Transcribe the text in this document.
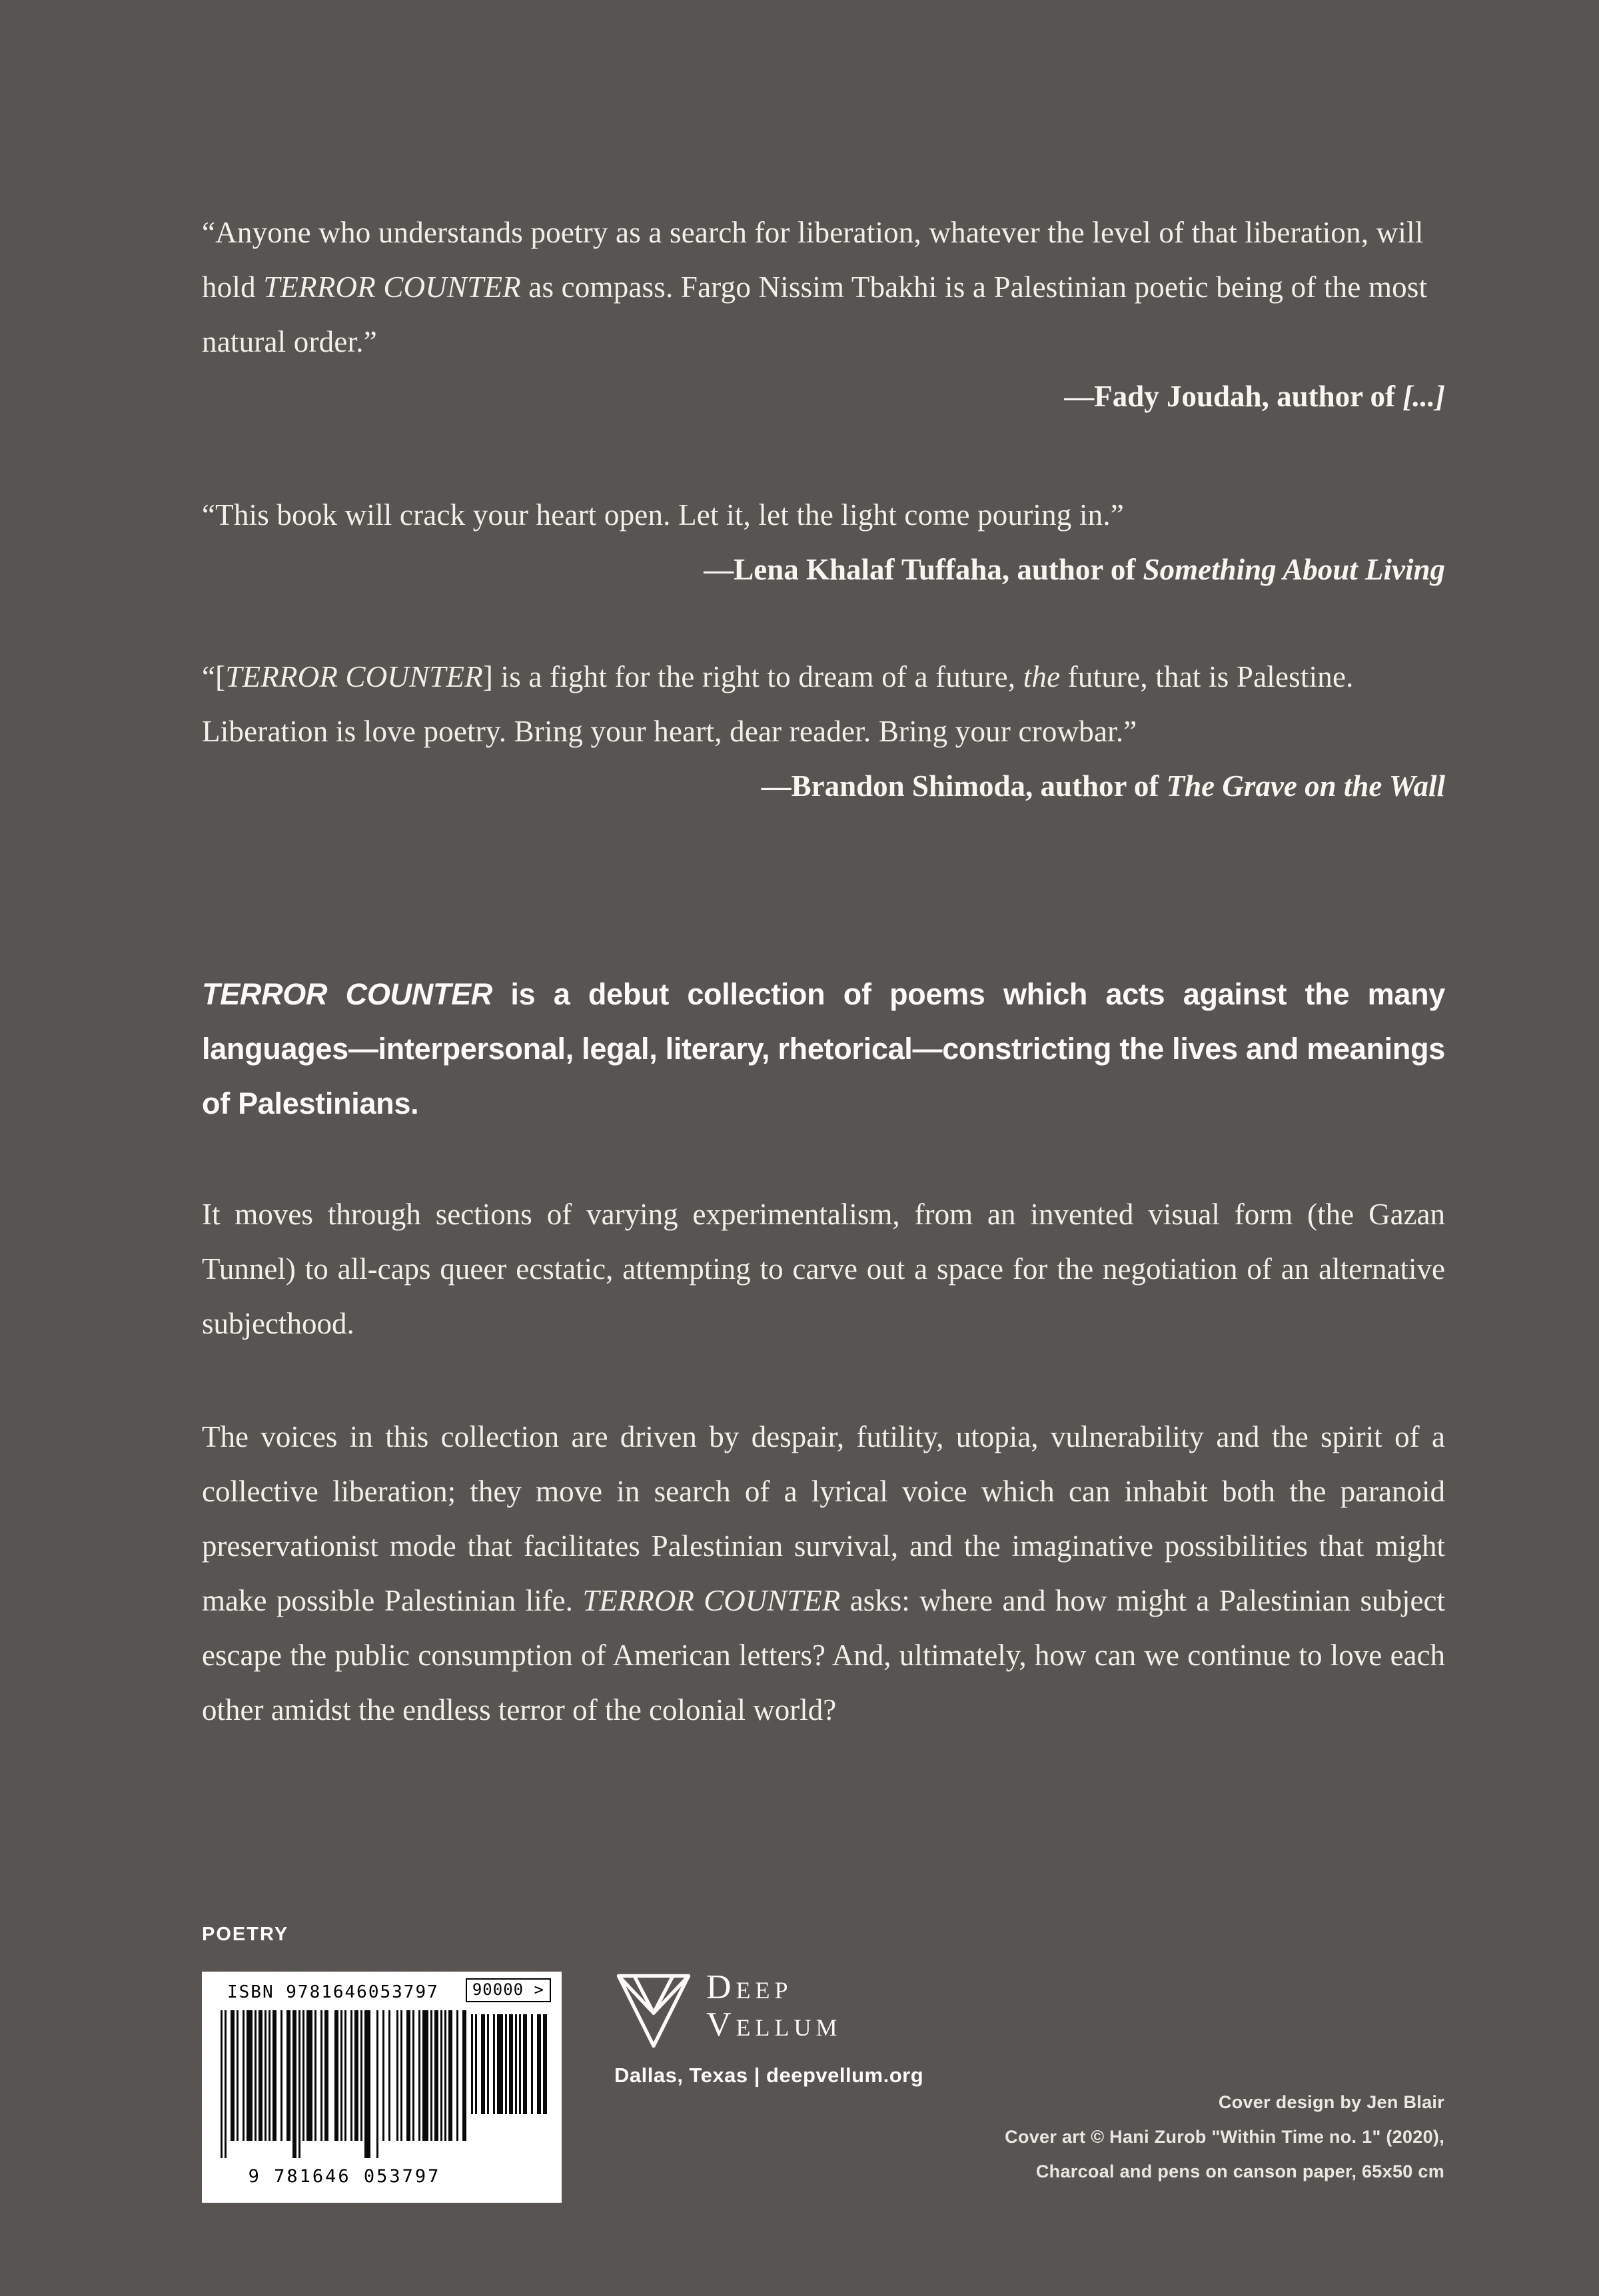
“Anyone who understands poetry as a search for liberation, whatever the level of that liberation, will hold TERROR COUNTER as compass. Fargo Nissim Tbakhi is a Palestinian poetic being of the most natural order.”
—Fady Joudah, author of [...]
“This book will crack your heart open. Let it, let the light come pouring in.”
—Lena Khalaf Tuffaha, author of Something About Living
“[TERROR COUNTER] is a fight for the right to dream of a future, the future, that is Palestine. Liberation is love poetry. Bring your heart, dear reader. Bring your crowbar.”
—Brandon Shimoda, author of The Grave on the Wall
TERROR COUNTER is a debut collection of poems which acts against the many languages—interpersonal, legal, literary, rhetorical—constricting the lives and meanings of Palestinians.
It moves through sections of varying experimentalism, from an invented visual form (the Gazan Tunnel) to all-caps queer ecstatic, attempting to carve out a space for the negotiation of an alternative subjecthood.
The voices in this collection are driven by despair, futility, utopia, vulnerability and the spirit of a collective liberation; they move in search of a lyrical voice which can inhabit both the paranoid preservationist mode that facilitates Palestinian survival, and the imaginative possibilities that might make possible Palestinian life. TERROR COUNTER asks: where and how might a Palestinian subject escape the public consumption of American letters? And, ultimately, how can we continue to love each other amidst the endless terror of the colonial world?
POETRY
ISBN 9781646053797	90000 >
9 781646 053797
Deep
Vellum
Dallas, Texas | deepvellum.org
Cover design by Jen Blair
Cover art © Hani Zurob "Within Time no. 1" (2020),
Charcoal and pens on canson paper, 65x50 cm
